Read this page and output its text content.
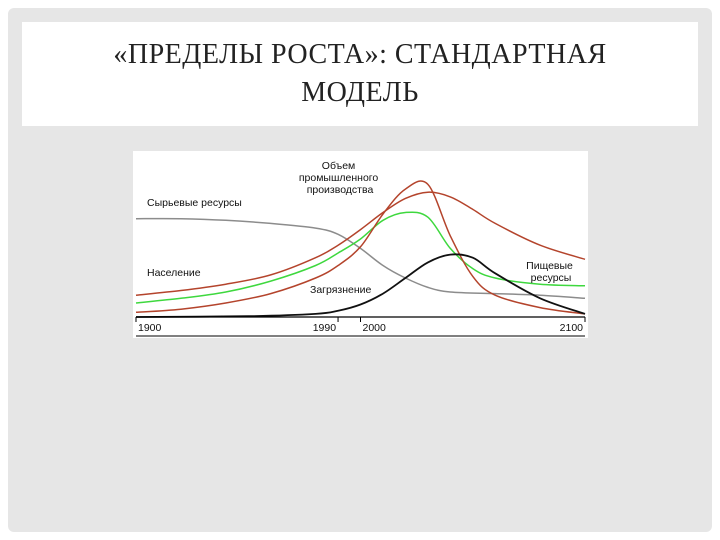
«ПРЕДЕЛЫ РОСТА»: СТАНДАРТНАЯ
МОДЕЛЬ
1900	1990	2000	2100
Сырьевые ресурсы
Население
Объем промышленного производства
Загрязнение
Пищевые ресурсы
